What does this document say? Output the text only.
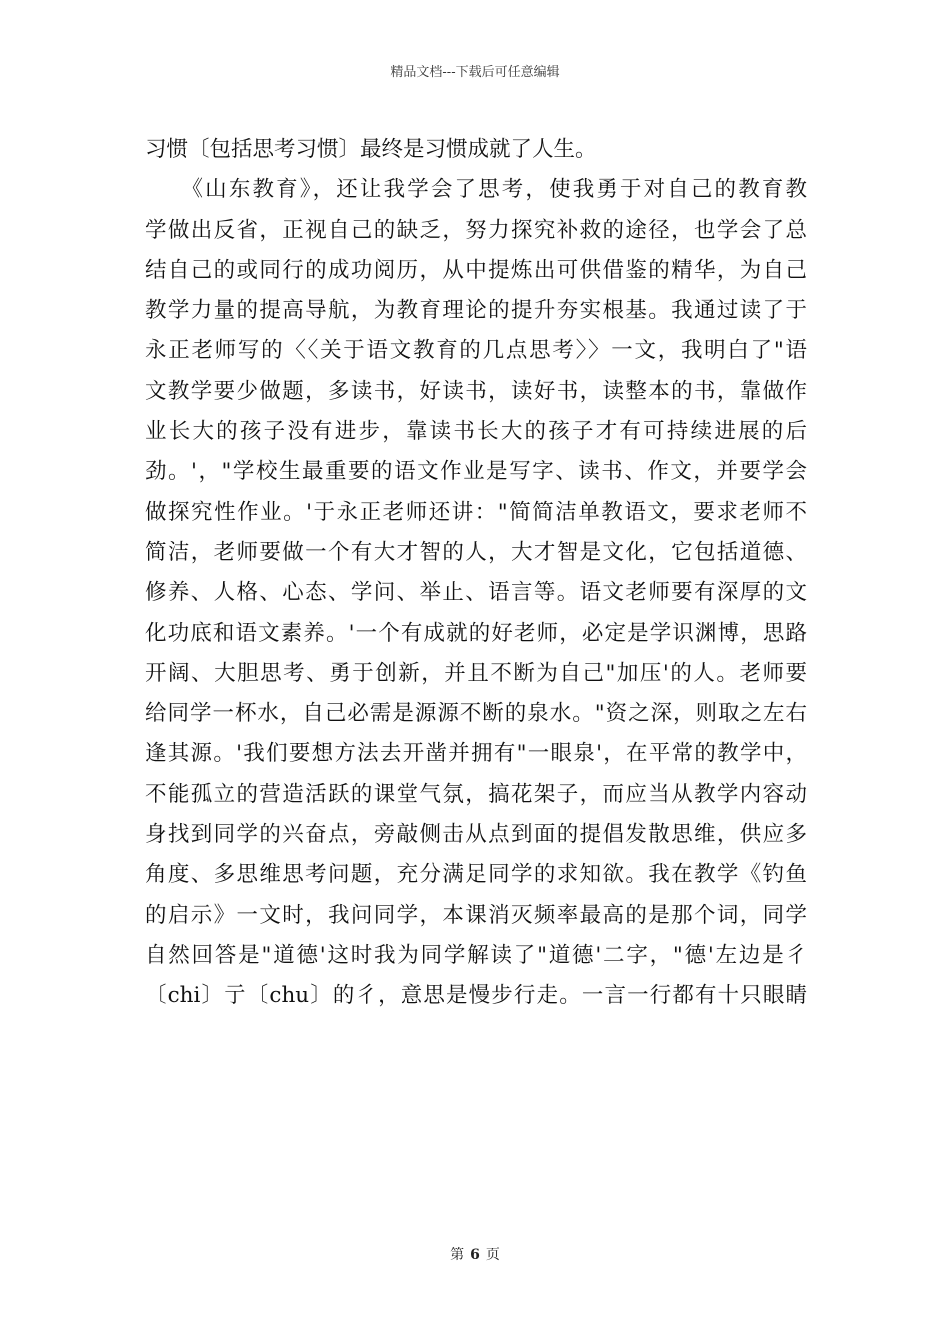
精品文档---下载后可任意编辑
习惯〔包括思考习惯〕最终是习惯成就了人生。
　　《山东教育》，还让我学会了思考，使我勇于对自己的教育教
学做出反省，正视自己的缺乏，努力探究补救的途径，也学会了总
结自己的或同行的成功阅历，从中提炼出可供借鉴的精华，为自己
教学力量的提高导航，为教育理论的提升夯实根基。我通过读了于
永正老师写的〈〈关于语文教育的几点思考〉〉一文，我明白了"语
文教学要少做题，多读书，好读书，读好书，读整本的书，靠做作
业长大的孩子没有进步，靠读书长大的孩子才有可持续进展的后
劲。'，"学校生最重要的语文作业是写字、读书、作文，并要学会
做探究性作业。'于永正老师还讲："简简洁单教语文，要求老师不
简洁，老师要做一个有大才智的人，大才智是文化，它包括道德、
修养、人格、心态、学问、举止、语言等。语文老师要有深厚的文
化功底和语文素养。'一个有成就的好老师，必定是学识渊博，思路
开阔、大胆思考、勇于创新，并且不断为自己"加压'的人。老师要
给同学一杯水，自己必需是源源不断的泉水。"资之深，则取之左右
逢其源。'我们要想方法去开凿并拥有"一眼泉'，在平常的教学中，
不能孤立的营造活跃的课堂气氛，搞花架子，而应当从教学内容动
身找到同学的兴奋点，旁敲侧击从点到面的提倡发散思维，供应多
角度、多思维思考问题，充分满足同学的求知欲。我在教学《钓鱼
的启示》一文时，我问同学，本课消灭频率最高的是那个词，同学
自然回答是"道德'这时我为同学解读了"道德'二字，"德'左边是彳
〔chi〕亍〔chu〕的彳，意思是慢步行走。一言一行都有十只眼睛
第 6 页
